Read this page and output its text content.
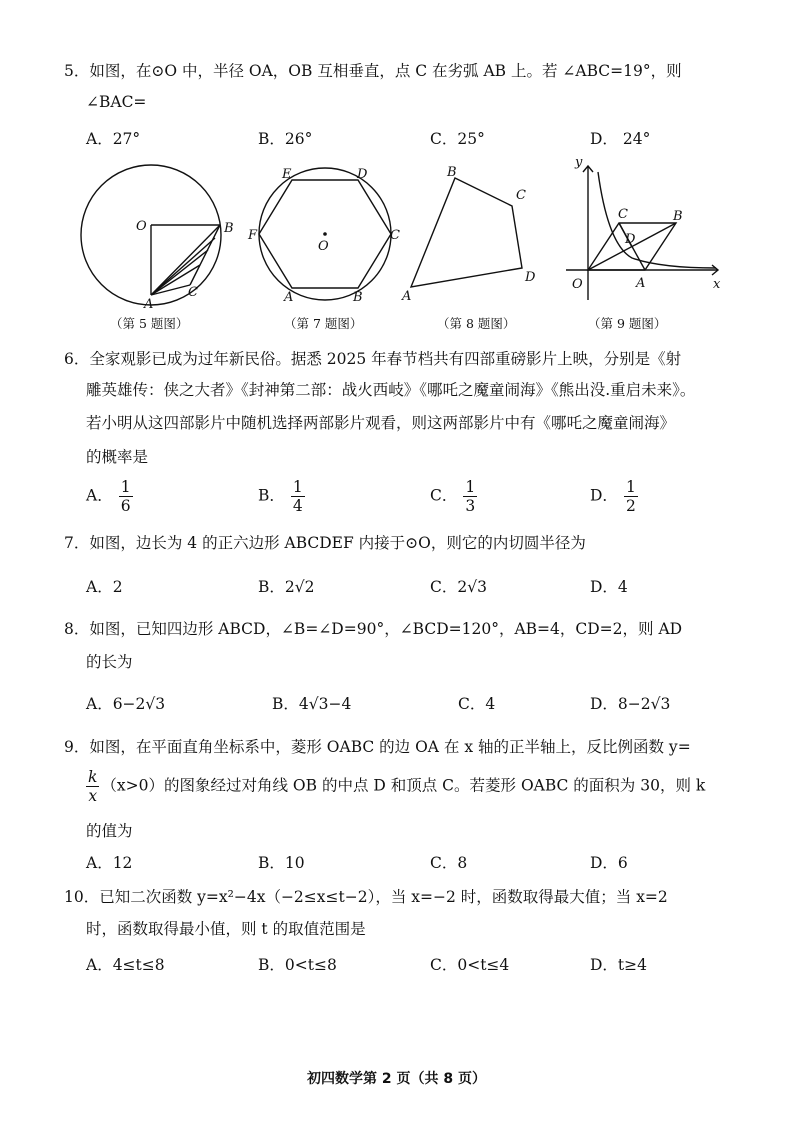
5．如图，在⊙O 中，半径 OA，OB 互相垂直，点 C 在劣弧 AB 上。若 ∠ABC=19°，则
∠BAC=
A．27°	B．26°	C．25°	D． 24°
O	B
A
C
E	D
F
O
C
A	B
B
C
A
D
y
C	B
D
O	A	x
（第 5 题图）	（第 7 题图）	（第 8 题图）	（第 9 题图）
6．全家观影已成为过年新民俗。据悉 2025 年春节档共有四部重磅影片上映，分别是《射
雕英雄传：侠之大者》《封神第二部：战火西岐》《哪吒之魔童闹海》《熊出没.重启未来》。
若小明从这四部影片中随机选择两部影片观看，则这两部影片中有《哪吒之魔童闹海》
的概率是
A． $\frac{1}{6}$	B． $\frac{1}{4}$	C． $\frac{1}{3}$	D． $\frac{1}{2}$
7．如图，边长为 4 的正六边形 ABCDEF 内接于⊙O，则它的内切圆半径为
A．2	B．2√2	C．2√3	D．4
8．如图，已知四边形 ABCD，∠B=∠D=90°，∠BCD=120°，AB=4，CD=2，则 AD
的长为
A．6−2√3	B．4√3−4	C．4	D．8−2√3
9．如图，在平面直角坐标系中，菱形 OABC 的边 OA 在 x 轴的正半轴上，反比例函数 y=
$\frac{k}{x} (x>0)$的图象经过对角线 OB 的中点 D 和顶点 C。若菱形 OABC 的面积为 30，则 k
的值为
A．12	B．10	C．8	D．6
10．已知二次函数 y=x²−4x（−2≤x≤t−2），当 x=−2 时，函数取得最大值；当 x=2
时，函数取得最小值，则 t 的取值范围是
A．4≤t≤8	B．0<t≤8	C．0<t≤4	D．t≥4
初四数学第 2 页（共 8 页）
